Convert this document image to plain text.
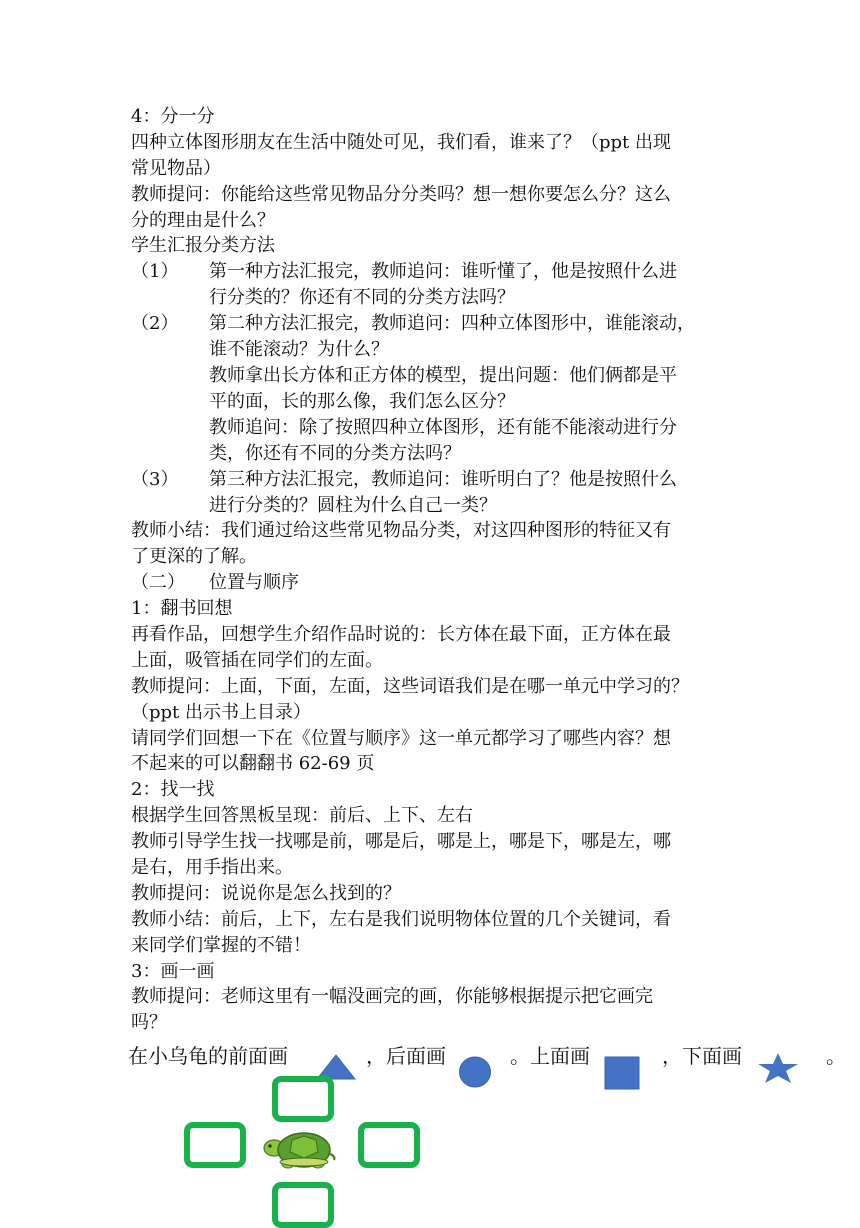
4：分一分
四种立体图形朋友在生活中随处可见，我们看，谁来了？（ppt 出现
常见物品）
教师提问：你能给这些常见物品分分类吗？想一想你要怎么分？这么
分的理由是什么？
学生汇报分类方法
（1）	第一种方法汇报完，教师追问：谁听懂了，他是按照什么进
行分类的？你还有不同的分类方法吗？
（2）	第二种方法汇报完，教师追问：四种立体图形中，谁能滚动，
谁不能滚动？为什么？
教师拿出长方体和正方体的模型，提出问题：他们俩都是平
平的面，长的那么像，我们怎么区分？
教师追问：除了按照四种立体图形，还有能不能滚动进行分
类，你还有不同的分类方法吗？
（3）	第三种方法汇报完，教师追问：谁听明白了？他是按照什么
进行分类的？圆柱为什么自己一类？
教师小结：我们通过给这些常见物品分类，对这四种图形的特征又有
了更深的了解。
（二） 位置与顺序
1：翻书回想
再看作品，回想学生介绍作品时说的：长方体在最下面，正方体在最
上面，吸管插在同学们的左面。
教师提问：上面，下面，左面，这些词语我们是在哪一单元中学习的？
（ppt 出示书上目录）
请同学们回想一下在《位置与顺序》这一单元都学习了哪些内容？想
不起来的可以翻翻书 62-69 页
2：找一找
根据学生回答黑板呈现：前后、上下、左右
教师引导学生找一找哪是前，哪是后，哪是上，哪是下，哪是左，哪
是右，用手指出来。
教师提问：说说你是怎么找到的？
教师小结：前后，上下，左右是我们说明物体位置的几个关键词，看
来同学们掌握的不错！
3：画一画
教师提问：老师这里有一幅没画完的画，你能够根据提示把它画完
吗？
在小乌龟的前面画	，后面画	。上面画	，下面画	。
